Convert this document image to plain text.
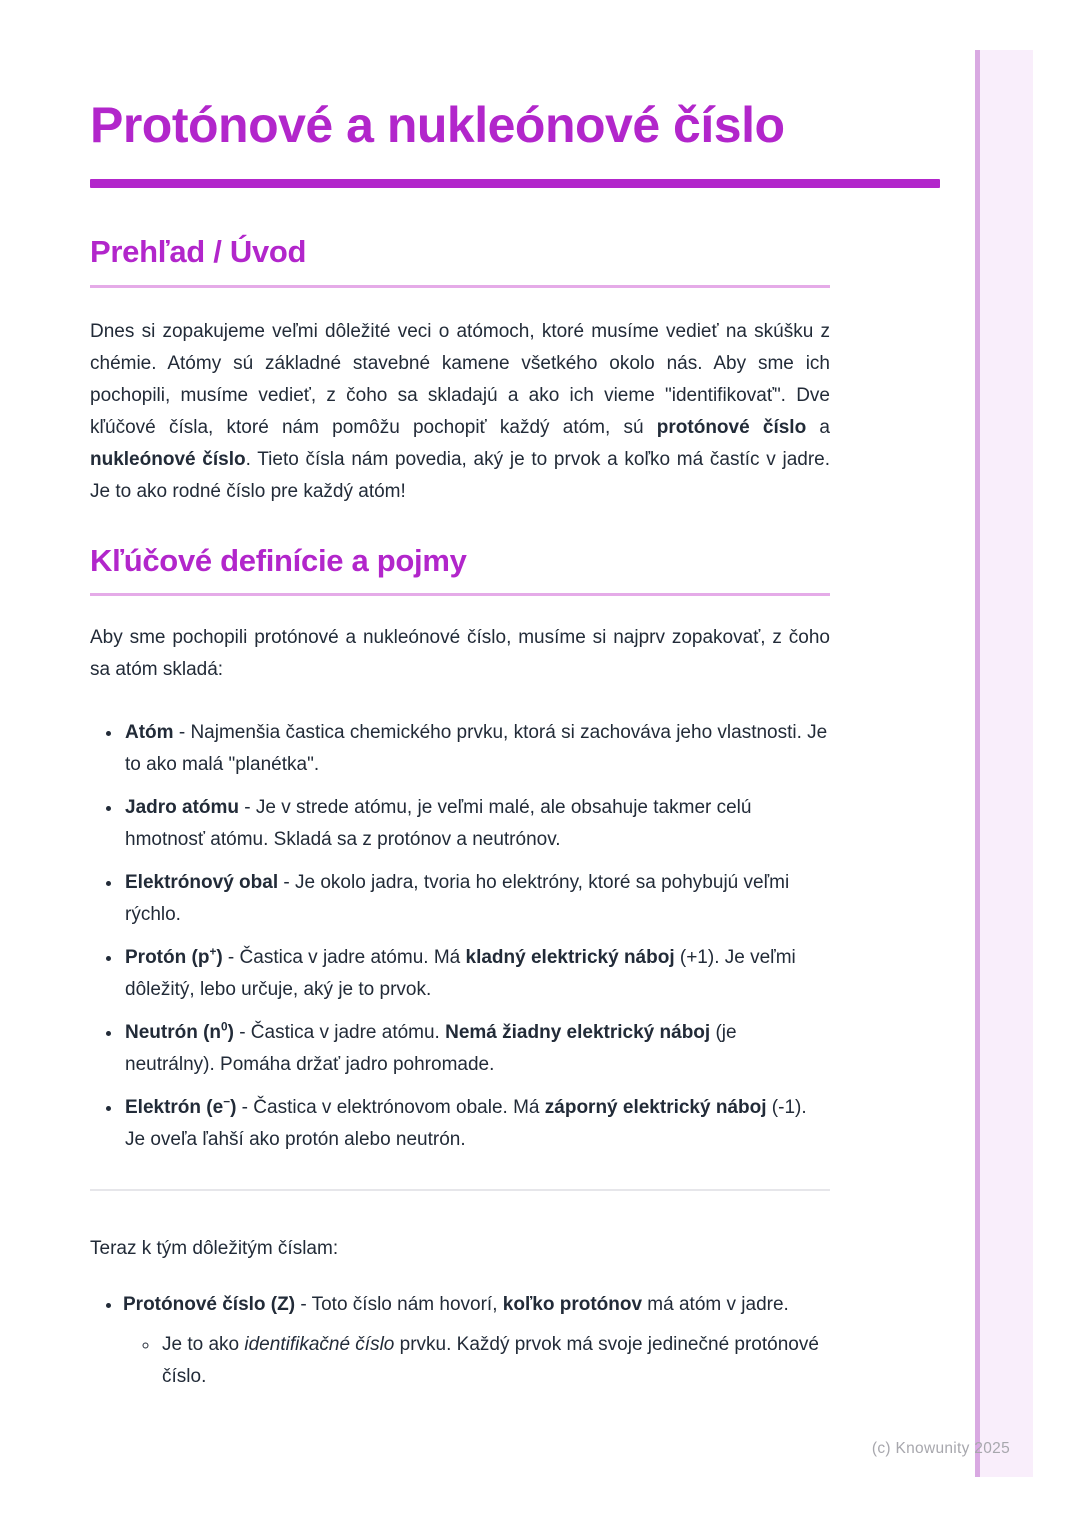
Protónové a nukleónové číslo
Prehľad / Úvod

Dnes si zopakujeme veľmi dôležité veci o atómoch, ktoré musíme vedieť na skúšku z chémie. Atómy sú základné stavebné kamene všetkého okolo nás. Aby sme ich pochopili, musíme vedieť, z čoho sa skladajú a ako ich vieme "identifikovať". Dve kľúčové čísla, ktoré nám pomôžu pochopiť každý atóm, sú protónové číslo a nukleónové číslo. Tieto čísla nám povedia, aký je to prvok a koľko má častíc v jadre. Je to ako rodné číslo pre každý atóm!

Kľúčové definície a pojmy

Aby sme pochopili protónové a nukleónové číslo, musíme si najprv zopakovať, z čoho sa atóm skladá:

• Atóm - Najmenšia častica chemického prvku, ktorá si zachováva jeho vlastnosti. Je to ako malá "planétka".
• Jadro atómu - Je v strede atómu, je veľmi malé, ale obsahuje takmer celú hmotnosť atómu. Skladá sa z protónov a neutrónov.
• Elektrónový obal - Je okolo jadra, tvoria ho elektróny, ktoré sa pohybujú veľmi rýchlo.
• Protón (p+) - Častica v jadre atómu. Má kladný elektrický náboj (+1). Je veľmi dôležitý, lebo určuje, aký je to prvok.
• Neutrón $(n^0)$ - Častica v jadre atómu. Nemá žiadny elektrický náboj (je neutrálny). Pomáha držať jadro pohromade.
• Elektrón (e−) - Častica v elektrónovom obale. Má záporný elektrický náboj (-1). Je oveľa ľahší ako protón alebo neutrón.

Teraz k tým dôležitým číslam:

• Protónové číslo (Z) - Toto číslo nám hovorí, koľko protónov má atóm v jadre.
◦ Je to ako identifikačné číslo prvku. Každý prvok má svoje jedinečné protónové číslo.
(c) Knowunity 2025
